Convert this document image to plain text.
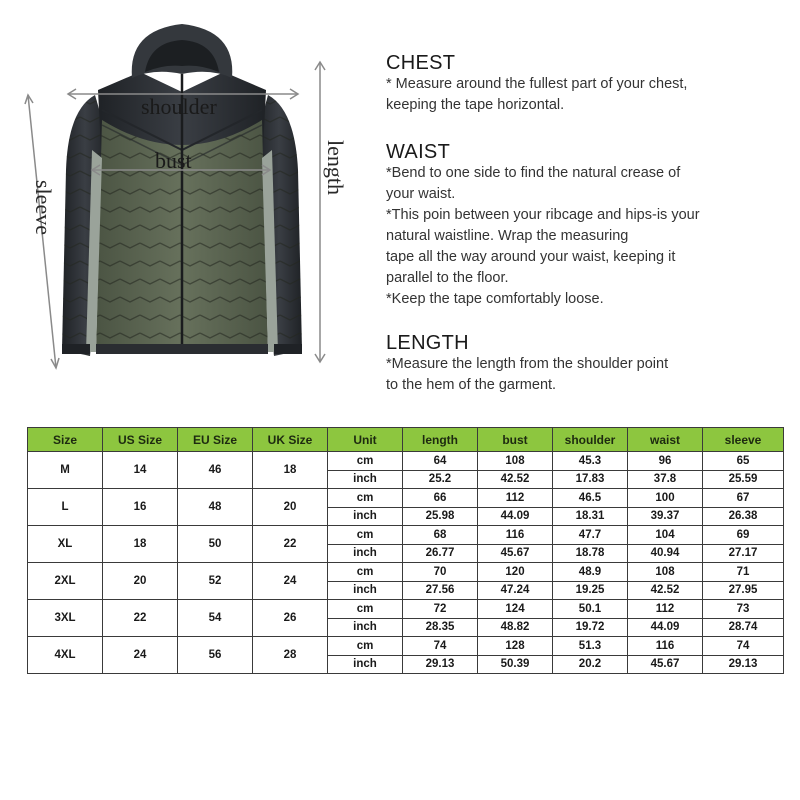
shoulder
bust	length
sleeve
CHEST
* Measure around the fullest part of your chest,
keeping the tape horizontal.
WAIST
*Bend to one side to find the natural crease of
your waist.
*This poin between your ribcage and hips-is your
natural waistline. Wrap the measuring
tape all the way around your waist, keeping it
parallel to the floor.
*Keep the tape comfortably loose.
LENGTH
*Measure the length from the shoulder point
to the hem of the garment.
Size	US Size	EU Size	UK Size	Unit	length	bust	shoulder	waist	sleeve
M	14	46	18	cm	64	108	45.3	96	65
				inch	25.2	42.52	17.83	37.8	25.59
L	16	48	20	cm	66	112	46.5	100	67
				inch	25.98	44.09	18.31	39.37	26.38
XL	18	50	22	cm	68	116	47.7	104	69
				inch	26.77	45.67	18.78	40.94	27.17
2XL	20	52	24	cm	70	120	48.9	108	71
				inch	27.56	47.24	19.25	42.52	27.95
3XL	22	54	26	cm	72	124	50.1	112	73
				inch	28.35	48.82	19.72	44.09	28.74
4XL	24	56	28	cm	74	128	51.3	116	74
				inch	29.13	50.39	20.2	45.67	29.13
